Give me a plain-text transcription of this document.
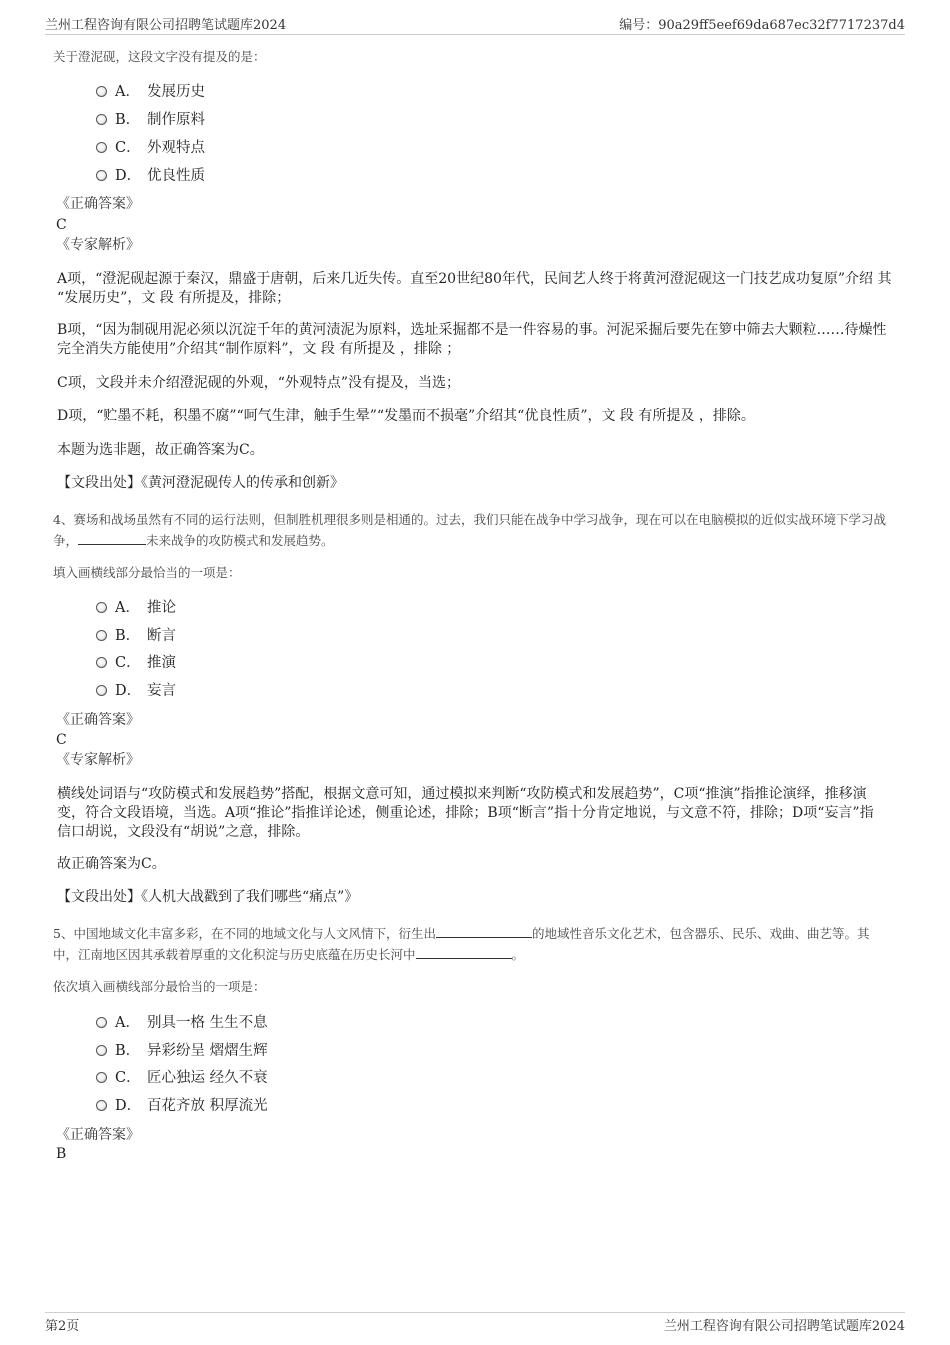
兰州工程咨询有限公司招聘笔试题库2024	编号：90a29ff5eef69da687ec32f7717237d4
关于澄泥砚，这段文字没有提及的是：
A． 发展历史
B． 制作原料
C． 外观特点
D． 优良性质
《正确答案》
C
《专家解析》
A项，“澄泥砚起源于秦汉，鼎盛于唐朝，后来几近失传。直至20世纪80年代，民间艺人终于将黄河澄泥砚这一门技艺成功复原”介绍 其 “发展历史”，文 段 有所提及，排除；
B项，“因为制砚用泥必须以沉淀千年的黄河渍泥为原料，选址采掘都不是一件容易的事。河泥采掘后要先在箩中筛去大颗粒……待燥性完全消失方能使用”介绍其“制作原料”，文 段 有所提及 ，排除 ；
C项，文段并未介绍澄泥砚的外观，“外观特点”没有提及，当选；
D项，“贮墨不耗，积墨不腐”“呵气生津，触手生晕”“发墨而不损毫”介绍其“优良性质”，文 段 有所提及 ，排除。
本题为选非题，故正确答案为C。
【文段出处】《黄河澄泥砚传人的传承和创新》
4、赛场和战场虽然有不同的运行法则，但制胜机理很多则是相通的。过去，我们只能在战争中学习战争，现在可以在电脑模拟的近似实战环境下学习战争，	未来战争的攻防模式和发展趋势。
填入画横线部分最恰当的一项是：
A． 推论
B． 断言
C． 推演
D． 妄言
《正确答案》
C
《专家解析》
横线处词语与“攻防模式和发展趋势”搭配，根据文意可知，通过模拟来判断“攻防模式和发展趋势”，C项“推演”指推论演绎，推移演变，符合文段语境，当选。A项“推论”指推详论述，侧重论述，排除；B项“断言”指十分肯定地说，与文意不符，排除；D项“妄言”指信口胡说，文段没有“胡说”之意，排除。
故正确答案为C。
【文段出处】《人机大战戳到了我们哪些“痛点”》
5、中国地域文化丰富多彩，在不同的地域文化与人文风情下，衍生出	的地域性音乐文化艺术，包含器乐、民乐、戏曲、曲艺等。其中，江南地区因其承载着厚重的文化积淀与历史底蕴在历史长河中	。
依次填入画横线部分最恰当的一项是：
A． 别具一格 生生不息
B． 异彩纷呈 熠熠生辉
C． 匠心独运 经久不衰
D． 百花齐放 积厚流光
《正确答案》
B
第2页	兰州工程咨询有限公司招聘笔试题库2024
